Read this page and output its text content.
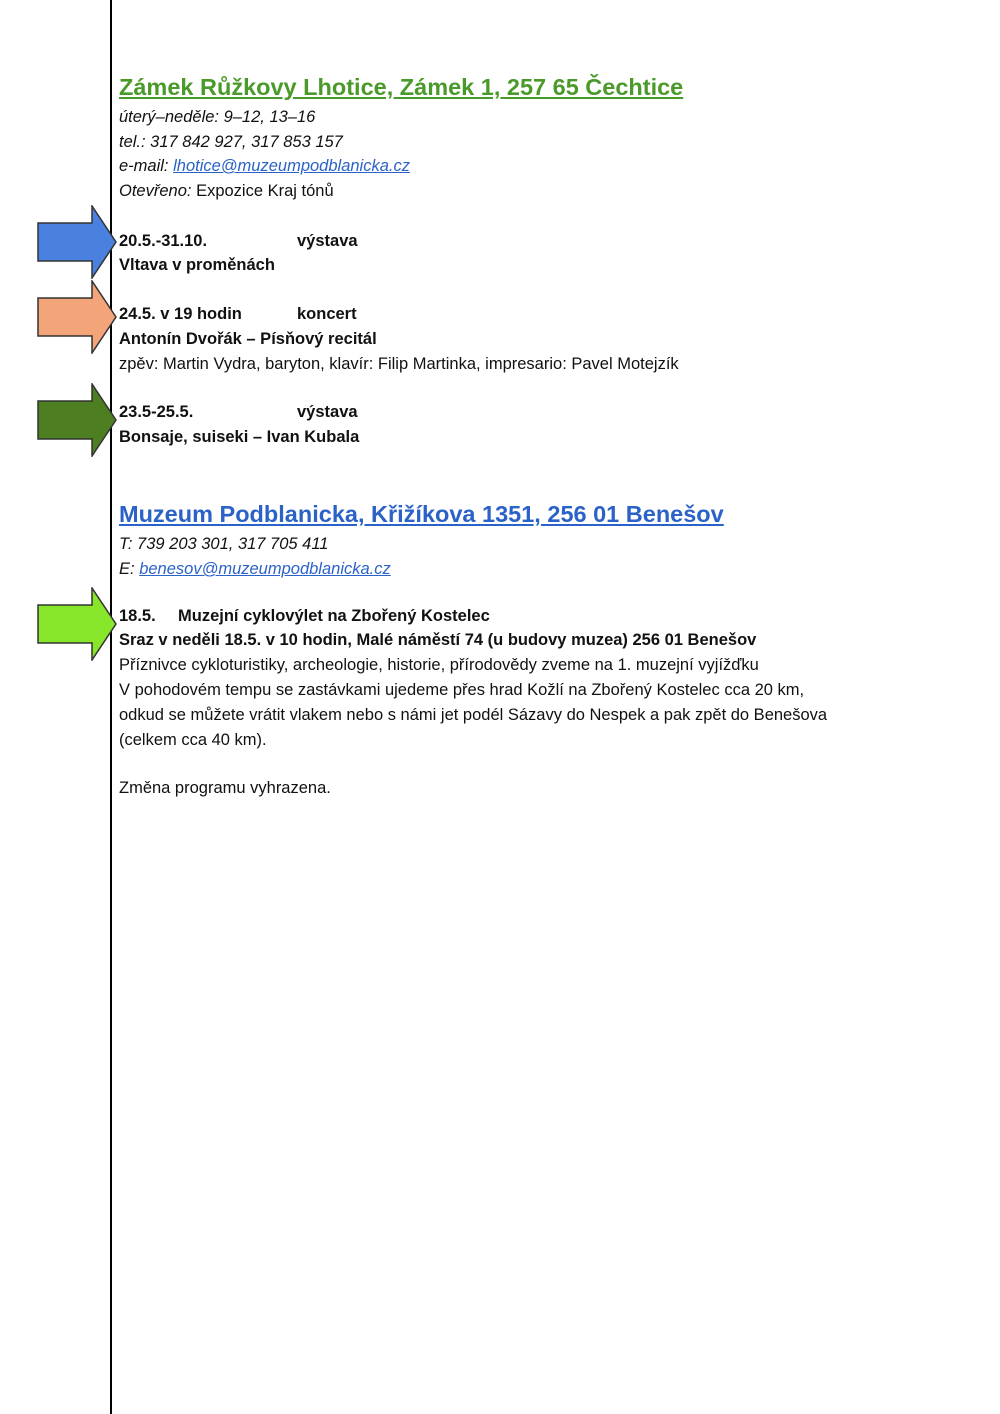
Zámek Růžkovy Lhotice, Zámek 1, 257 65 Čechtice

úterý–neděle: 9–12, 13–16

tel.: 317 842 927, 317 853 157

e-mail: lhotice@muzeumpodblanicka.cz

Otevřeno: Expozice Kraj tónů

20.5.-31.10.	výstava

Vltava v proměnách

24.5. v 19 hodin	koncert

Antonín Dvořák – Písňový recitál

zpěv: Martin Vydra, baryton, klavír: Filip Martinka, impresario: Pavel Motejzík

23.5-25.5.	výstava

Bonsaje, suiseki – Ivan Kubala

Muzeum Podblanicka, Křižíkova 1351, 256 01 Benešov

T: 739 203 301, 317 705 411

E: benesov@muzeumpodblanicka.cz

18.5. Muzejní cyklovýlet na Zbořený Kostelec

Sraz v neděli 18.5. v 10 hodin, Malé náměstí 74 (u budovy muzea) 256 01 Benešov

Příznivce cykloturistiky, archeologie, historie, přírodovědy zveme na 1. muzejní vyjížďku

V pohodovém tempu se zastávkami ujedeme přes hrad Kožlí na Zbořený Kostelec cca 20 km,

odkud se můžete vrátit vlakem nebo s námi jet podél Sázavy do Nespek a pak zpět do Benešova

(celkem cca 40 km).

Změna programu vyhrazena.
